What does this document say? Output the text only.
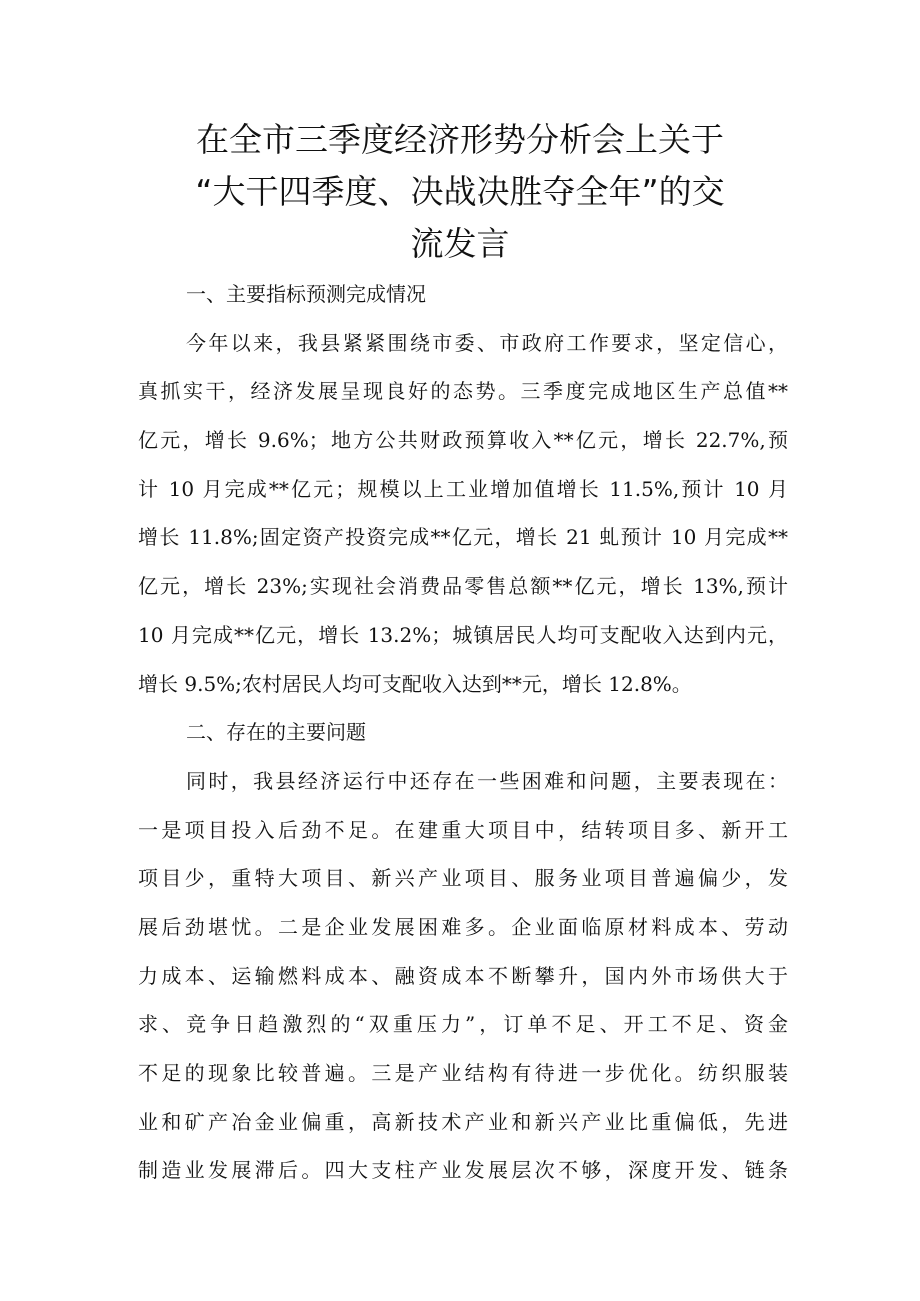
在全市三季度经济形势分析会上关于
“大干四季度、决战决胜夺全年”的交
流发言
一、主要指标预测完成情况
今年以来，我县紧紧围绕市委、市政府工作要求，坚定信心，
真抓实干，经济发展呈现良好的态势。三季度完成地区生产总值**
亿元，增长 9.6%；地方公共财政预算收入**亿元，增长 22.7%,预
计 10 月完成**亿元；规模以上工业增加值增长 11.5%,预计 10 月
增长 11.8%;固定资产投资完成**亿元，增长 21 虬预计 10 月完成**
亿元，增长 23%;实现社会消费品零售总额**亿元，增长 13%,预计
10 月完成**亿元，增长 13.2%；城镇居民人均可支配收入达到内元，
增长 9.5%;农村居民人均可支配收入达到**元，增长 12.8%。
二、存在的主要问题
同时，我县经济运行中还存在一些困难和问题，主要表现在：
一是项目投入后劲不足。在建重大项目中，结转项目多、新开工
项目少，重特大项目、新兴产业项目、服务业项目普遍偏少，发
展后劲堪忧。二是企业发展困难多。企业面临原材料成本、劳动
力成本、运输燃料成本、融资成本不断攀升，国内外市场供大于
求、竞争日趋激烈的“双重压力”，订单不足、开工不足、资金
不足的现象比较普遍。三是产业结构有待进一步优化。纺织服装
业和矿产冶金业偏重，高新技术产业和新兴产业比重偏低，先进
制造业发展滞后。四大支柱产业发展层次不够，深度开发、链条
